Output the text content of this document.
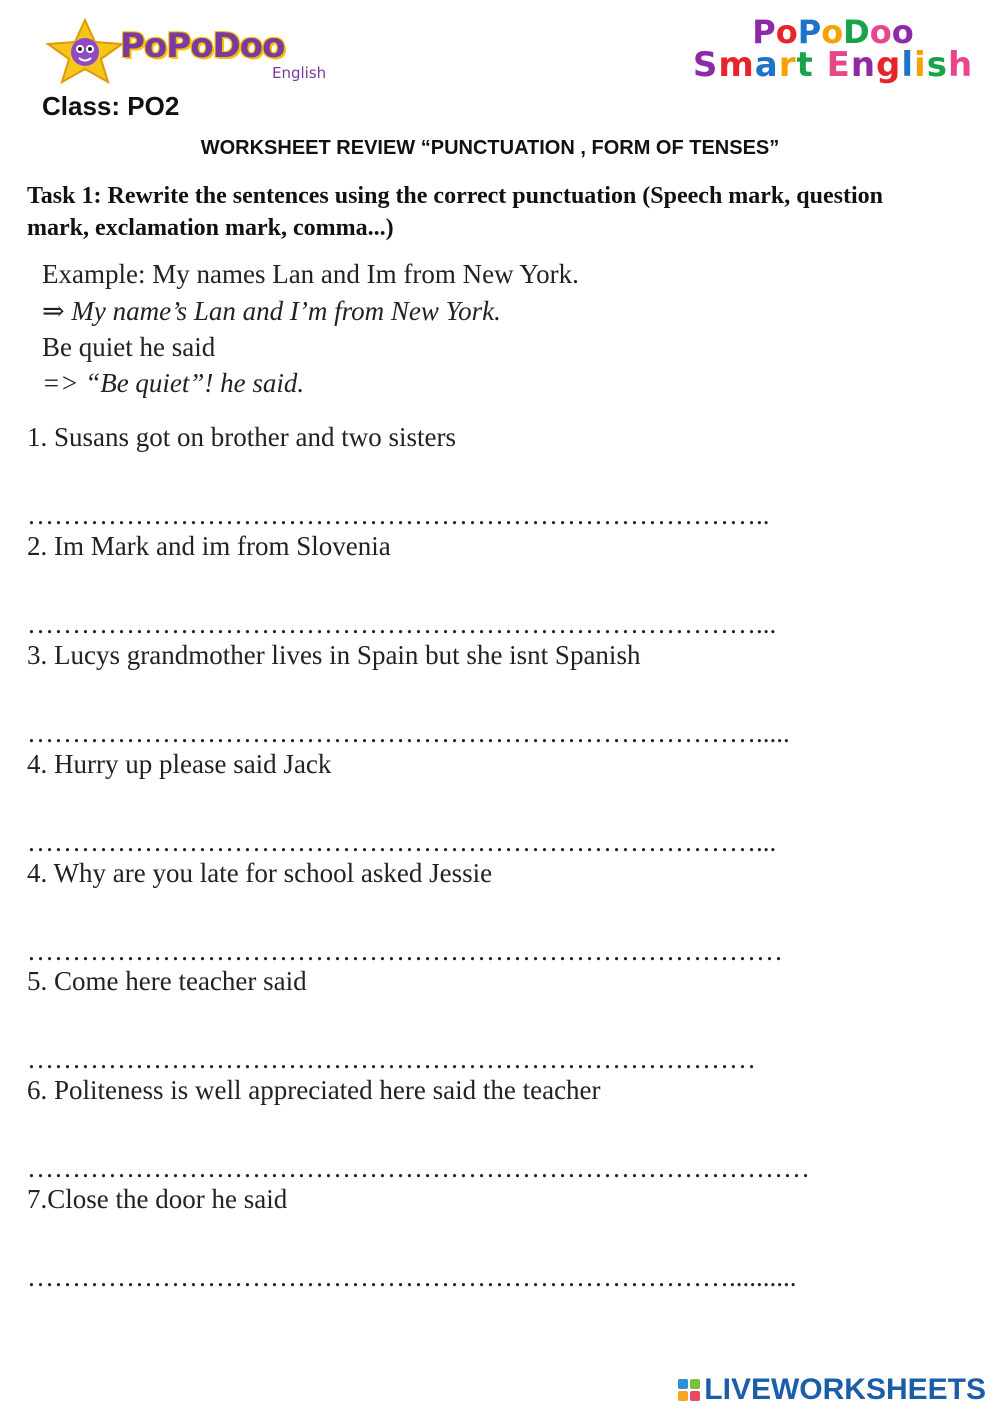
PoPoDoo
English
PoPoDoo
Smart English
Class: PO2
WORKSHEET REVIEW “PUNCTUATION , FORM OF TENSES”
Task 1: Rewrite the sentences using the correct punctuation (Speech mark, question mark, exclamation mark, comma...)
Example: My names Lan and Im from New York.
⇒ My name’s Lan and I’m from New York.
Be quiet he said
=> “Be quiet”! he said.
1. Susans got on brother and two sisters
………………………………………………………………………..
2. Im Mark and im from Slovenia
………………………………………………………………………...
3. Lucys grandmother lives in Spain but she isnt Spanish
……………………………………………………………………….....
4. Hurry up please said Jack
………………………………………………………………………...
4. Why are you late for school asked Jessie
…………………………………………………………………………
5. Come here teacher said
………………………………………………………………………
6. Politeness is well appreciated here said the teacher
……………………………………………………………………………
7.Close the door he said
……………………………………………………………………..........
LIVEWORKSHEETS
